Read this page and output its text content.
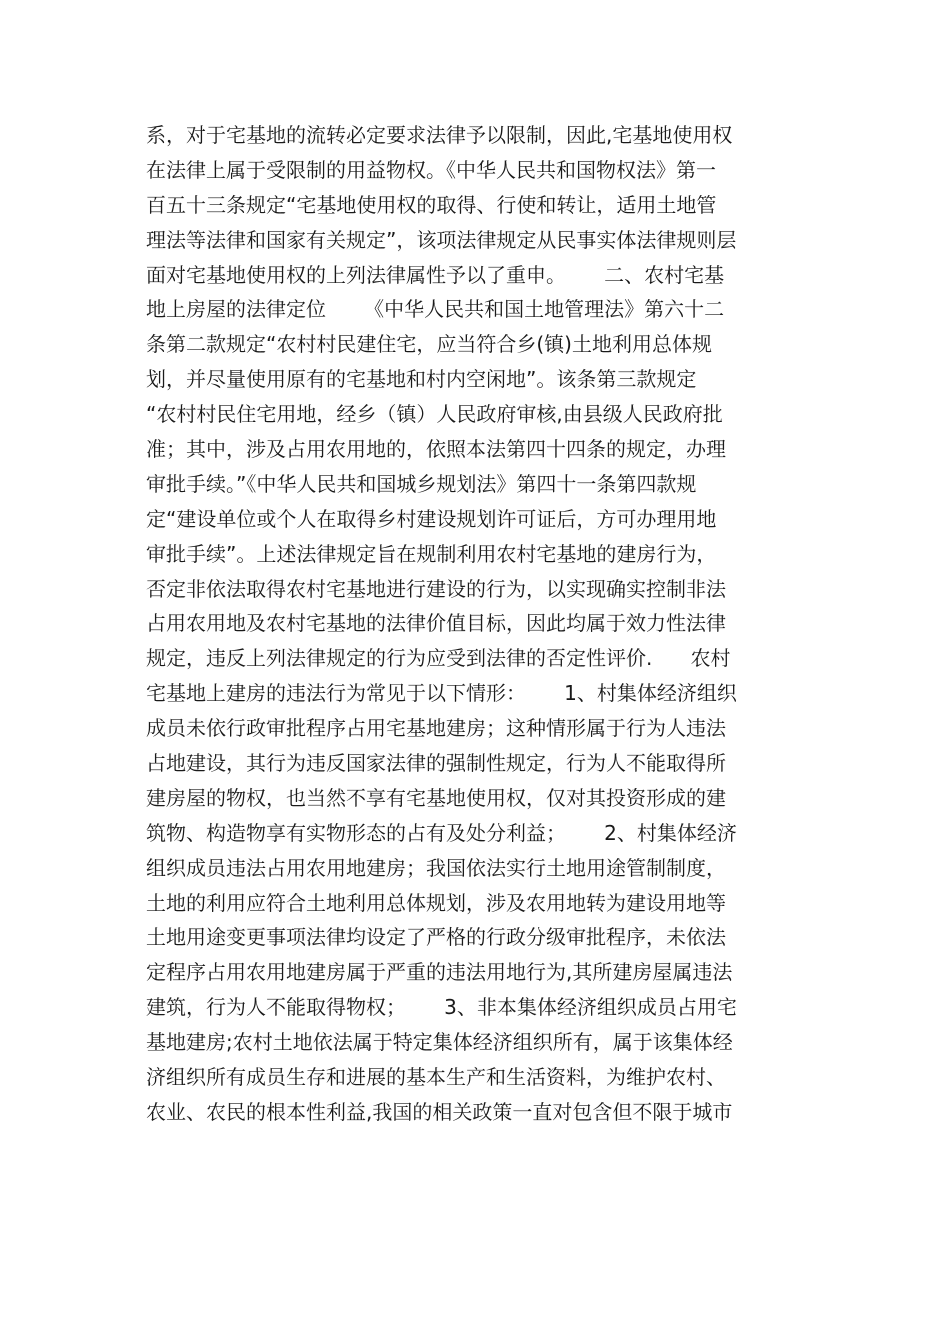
系，对于宅基地的流转必定要求法律予以限制，因此,宅基地使用权
在法律上属于受限制的用益物权。《中华人民共和国物权法》第一
百五十三条规定“宅基地使用权的取得、行使和转让，适用土地管
理法等法律和国家有关规定”，该项法律规定从民事实体法律规则层
面对宅基地使用权的上列法律属性予以了重申。      二、农村宅基
地上房屋的法律定位      《中华人民共和国土地管理法》第六十二
条第二款规定“农村村民建住宅，应当符合乡(镇)土地利用总体规
划，并尽量使用原有的宅基地和村内空闲地”。该条第三款规定
“农村村民住宅用地，经乡（镇）人民政府审核,由县级人民政府批
准；其中，涉及占用农用地的，依照本法第四十四条的规定，办理
审批手续。”《中华人民共和国城乡规划法》第四十一条第四款规
定“建设单位或个人在取得乡村建设规划许可证后，方可办理用地
审批手续”。上述法律规定旨在规制利用农村宅基地的建房行为，
否定非依法取得农村宅基地进行建设的行为，以实现确实控制非法
占用农用地及农村宅基地的法律价值目标，因此均属于效力性法律
规定，违反上列法律规定的行为应受到法律的否定性评价.      农村
宅基地上建房的违法行为常见于以下情形：      1、村集体经济组织
成员未依行政审批程序占用宅基地建房；这种情形属于行为人违法
占地建设，其行为违反国家法律的强制性规定，行为人不能取得所
建房屋的物权，也当然不享有宅基地使用权，仅对其投资形成的建
筑物、构造物享有实物形态的占有及处分利益；      2、村集体经济
组织成员违法占用农用地建房；我国依法实行土地用途管制制度，
土地的利用应符合土地利用总体规划，涉及农用地转为建设用地等
土地用途变更事项法律均设定了严格的行政分级审批程序，未依法
定程序占用农用地建房属于严重的违法用地行为,其所建房屋属违法
建筑，行为人不能取得物权；      3、非本集体经济组织成员占用宅
基地建房;农村土地依法属于特定集体经济组织所有，属于该集体经
济组织所有成员生存和进展的基本生产和生活资料，为维护农村、
农业、农民的根本性利益,我国的相关政策一直对包含但不限于城市
